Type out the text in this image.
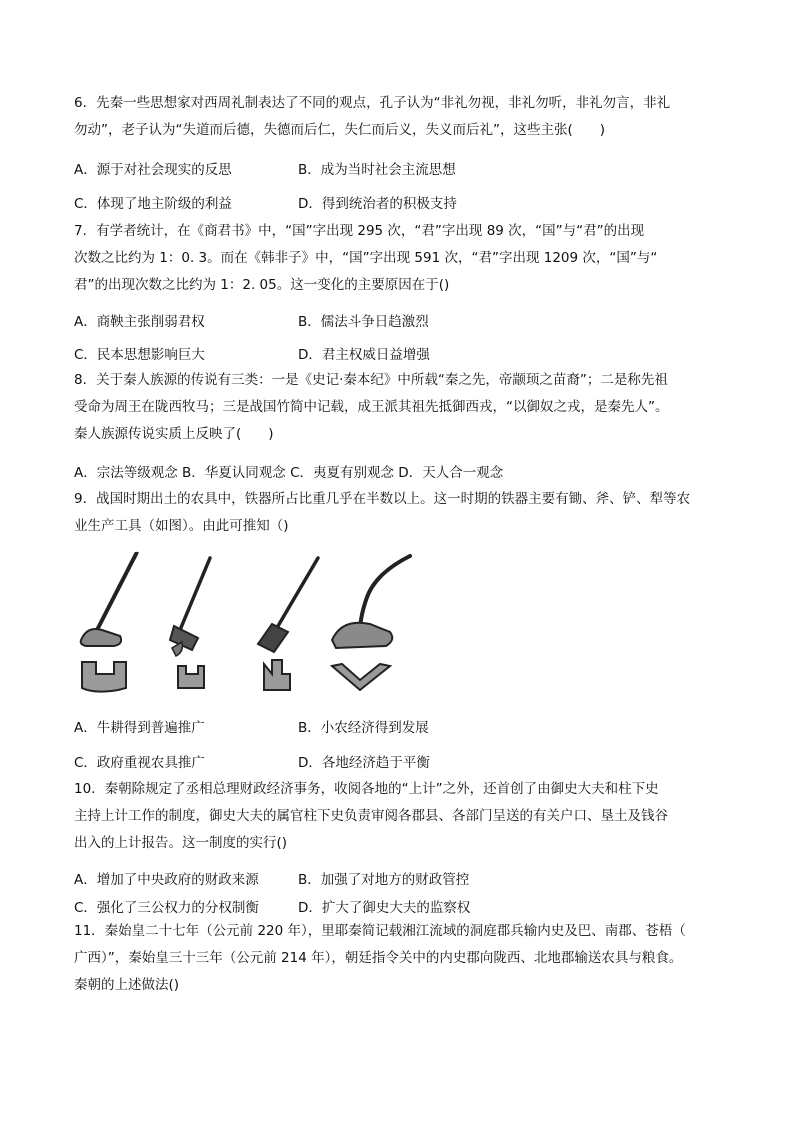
6．先秦一些思想家对西周礼制表达了不同的观点，孔子认为“非礼勿视，非礼勿听，非礼勿言，非礼

勿动”，老子认为“失道而后德，失德而后仁，失仁而后义，失义而后礼”，这些主张(　　)

A．源于对社会现实的反思	B．成为当时社会主流思想
C．体现了地主阶级的利益	D．得到统治者的积极支持

7．有学者统计，在《商君书》中，“国”字出现 295 次，“君”字出现 89 次，“国”与“君”的出现

次数之比约为 1：0. 3。而在《韩非子》中，“国”字出现 591 次，“君”字出现 1209 次，“国”与“

君”的出现次数之比约为 1：2. 05。这一变化的主要原因在于()

A．商鞅主张削弱君权	B．儒法斗争日趋激烈
C．民本思想影响巨大	D．君主权威日益增强

8．关于秦人族源的传说有三类：一是《史记·秦本纪》中所载“秦之先，帝颛顼之苗裔”；二是称先祖

受命为周王在陇西牧马；三是战国竹简中记载，成王派其祖先抵御西戎，“以御奴之戎，是秦先人”。

秦人族源传说实质上反映了(　　)

A．宗法等级观念 B．华夏认同观念 C．夷夏有别观念 D．天人合一观念

9．战国时期出土的农具中，铁器所占比重几乎在半数以上。这一时期的铁器主要有锄、斧、铲、犁等农

业生产工具（如图）。由此可推知（)

A．牛耕得到普遍推广	B．小农经济得到发展
C．政府重视农具推广	D．各地经济趋于平衡

10．秦朝除规定了丞相总理财政经济事务，收阅各地的“上计”之外，还首创了由御史大夫和柱下史

主持上计工作的制度，御史大夫的属官柱下史负责审阅各郡县、各部门呈送的有关户口、垦土及钱谷

出入的上计报告。这一制度的实行()

A．增加了中央政府的财政来源	B．加强了对地方的财政管控
C．强化了三公权力的分权制衡	D．扩大了御史大夫的监察权

11．秦始皇二十七年（公元前 220 年），里耶秦简记载湘江流域的洞庭郡兵输内史及巴、南郡、苍梧（

广西）”，秦始皇三十三年（公元前 214 年），朝廷指令关中的内史郡向陇西、北地郡输送农具与粮食。

秦朝的上述做法()
